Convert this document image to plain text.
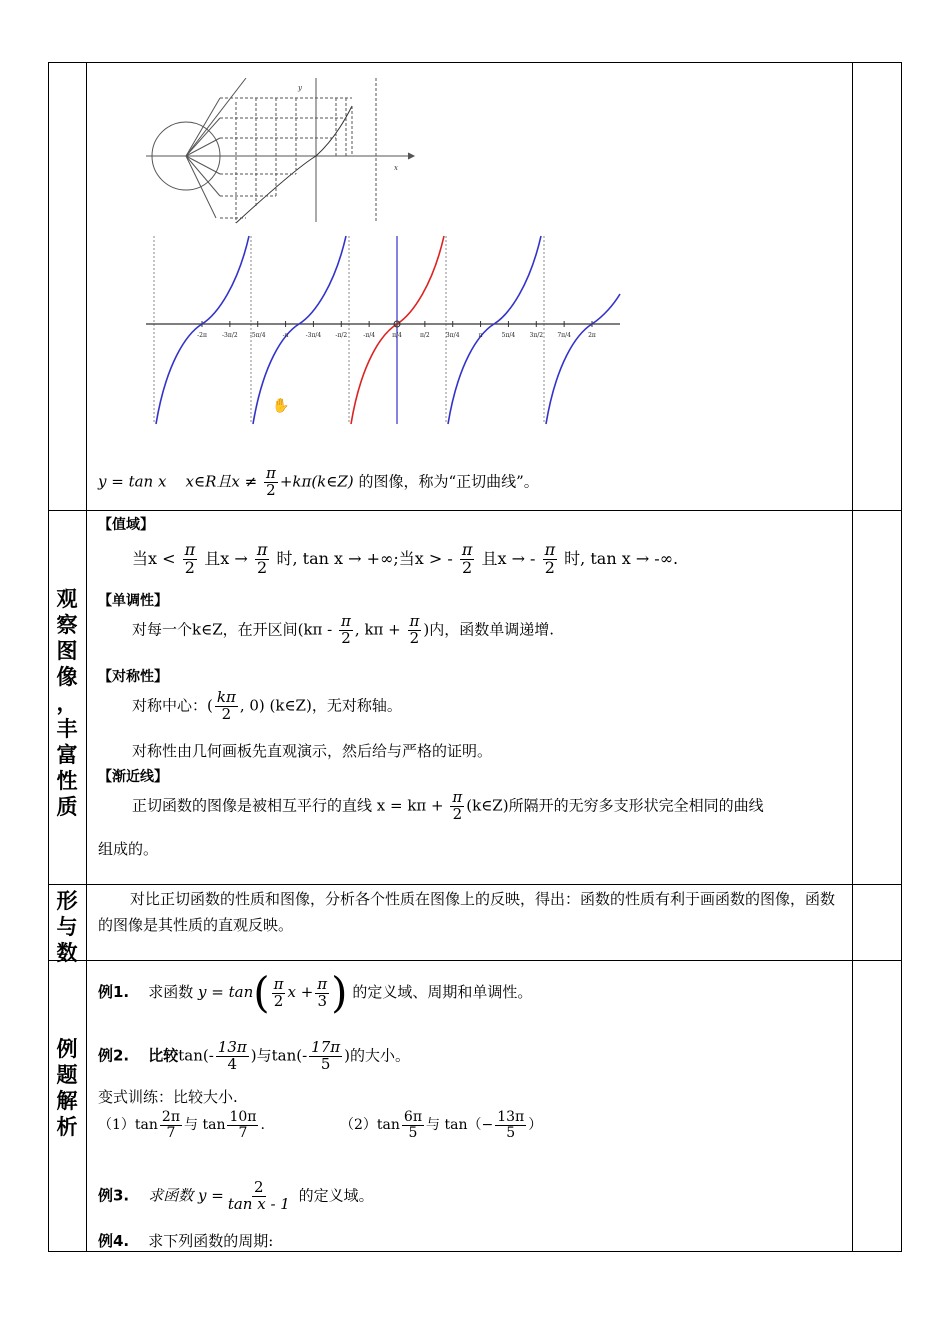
观
察
图
像
，
丰
富
性
质
形
与
数
例
题
解
析
y
x
-2π	-3π/2 -5π/4	-π	-3π/4 -π/2	-π/4	π/4	π/2	3π/4	π	5π/4 3π/2 7π/4	2π
✋
y = tan x x∈R且$x \ne \frac{\pi}{2}$ +kπ(k∈Z) 的图像，称为“正切曲线”。
【值域】
当$x < \frac{\pi}{2}$ 且$x \to \frac{\pi}{2}$ 时, tan x → +∞;当x > - $\frac{\pi}{2}$ 且x → - $\frac{\pi}{2}$ 时, tan x → -∞.
【单调性】
对每一个k∈Z，在开区间($k\pi - \frac{\pi}{2}$ , $k\pi + \frac{\pi}{2}$ )内，函数单调递增.
【对称性】
对称中心：( $\frac{k\pi}{2}$ , 0) (k∈Z)，无对称轴。
对称性由几何画板先直观演示，然后给与严格的证明。
【渐近线】
正切函数的图像是被相互平行的直线 $x = k\pi + \frac{\pi}{2}$ (k∈Z)所隔开的无穷多支形状完全相同的曲线
组成的。
对比正切函数的性质和图像，分析各个性质在图像上的反映，得出：函数的性质有利于画函数的图像，函数的图像是其性质的直观反映。
例1. 求函数 $y = \tan( \frac{\pi}{2}$ $x + \frac{\pi}{3}$ ) 的定义域、周期和单调性。
例2. 比较$\tan(- \frac{13\pi}{4}$ )与$\tan(- \frac{17\pi}{5}$ )的大小。
变式训练：比较大小.
$(1)\tan \frac{2\pi}{7}$ 与 $\tan \frac{10\pi}{7}$ .	$(2)\tan \frac{6\pi}{5}$ 与 $\tan(- \frac{13\pi}{5}$ ）
例3. 求函数 $y = \frac{2}{\text{tan x - 1}}$ 的定义域。
例4. 求下列函数的周期:
